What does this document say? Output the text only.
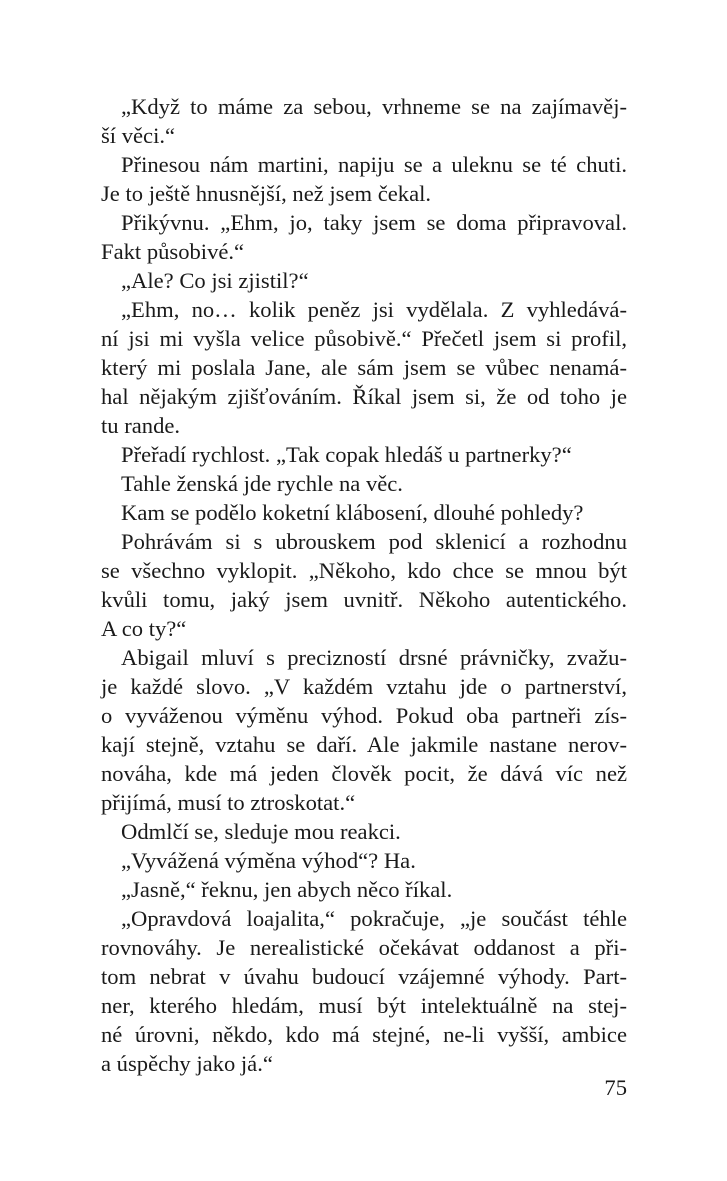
„Když to máme za sebou, vrhneme se na zajímavěj-
ší věci.“
Přinesou nám martini, napiju se a uleknu se té chuti.
Je to ještě hnusnější, než jsem čekal.
Přikývnu. „Ehm, jo, taky jsem se doma připravoval.
Fakt působivé.“
„Ale? Co jsi zjistil?“
„Ehm, no… kolik peněz jsi vydělala. Z vyhledává-
ní jsi mi vyšla velice působivě.“ Přečetl jsem si profil,
který mi poslala Jane, ale sám jsem se vůbec nenamá-
hal nějakým zjišťováním. Říkal jsem si, že od toho je
tu rande.
Přeřadí rychlost. „Tak copak hledáš u partnerky?“
Tahle ženská jde rychle na věc.
Kam se podělo koketní klábosení, dlouhé pohledy?
Pohrávám si s ubrouskem pod sklenicí a rozhodnu
se všechno vyklopit. „Někoho, kdo chce se mnou být
kvůli tomu, jaký jsem uvnitř. Někoho autentického.
A co ty?“
Abigail mluví s precizností drsné právničky, zvažu-
je každé slovo. „V každém vztahu jde o partnerství,
o vyváženou výměnu výhod. Pokud oba partneři zís-
kají stejně, vztahu se daří. Ale jakmile nastane nerov-
nováha, kde má jeden člověk pocit, že dává víc než
přijímá, musí to ztroskotat.“
Odmlčí se, sleduje mou reakci.
„Vyvážená výměna výhod“? Ha.
„Jasně,“ řeknu, jen abych něco říkal.
„Opravdová loajalita,“ pokračuje, „je součást téhle
rovnováhy. Je nerealistické očekávat oddanost a při-
tom nebrat v úvahu budoucí vzájemné výhody. Part-
ner, kterého hledám, musí být intelektuálně na stej-
né úrovni, někdo, kdo má stejné, ne-li vyšší, ambice
a úspěchy jako já.“
75
